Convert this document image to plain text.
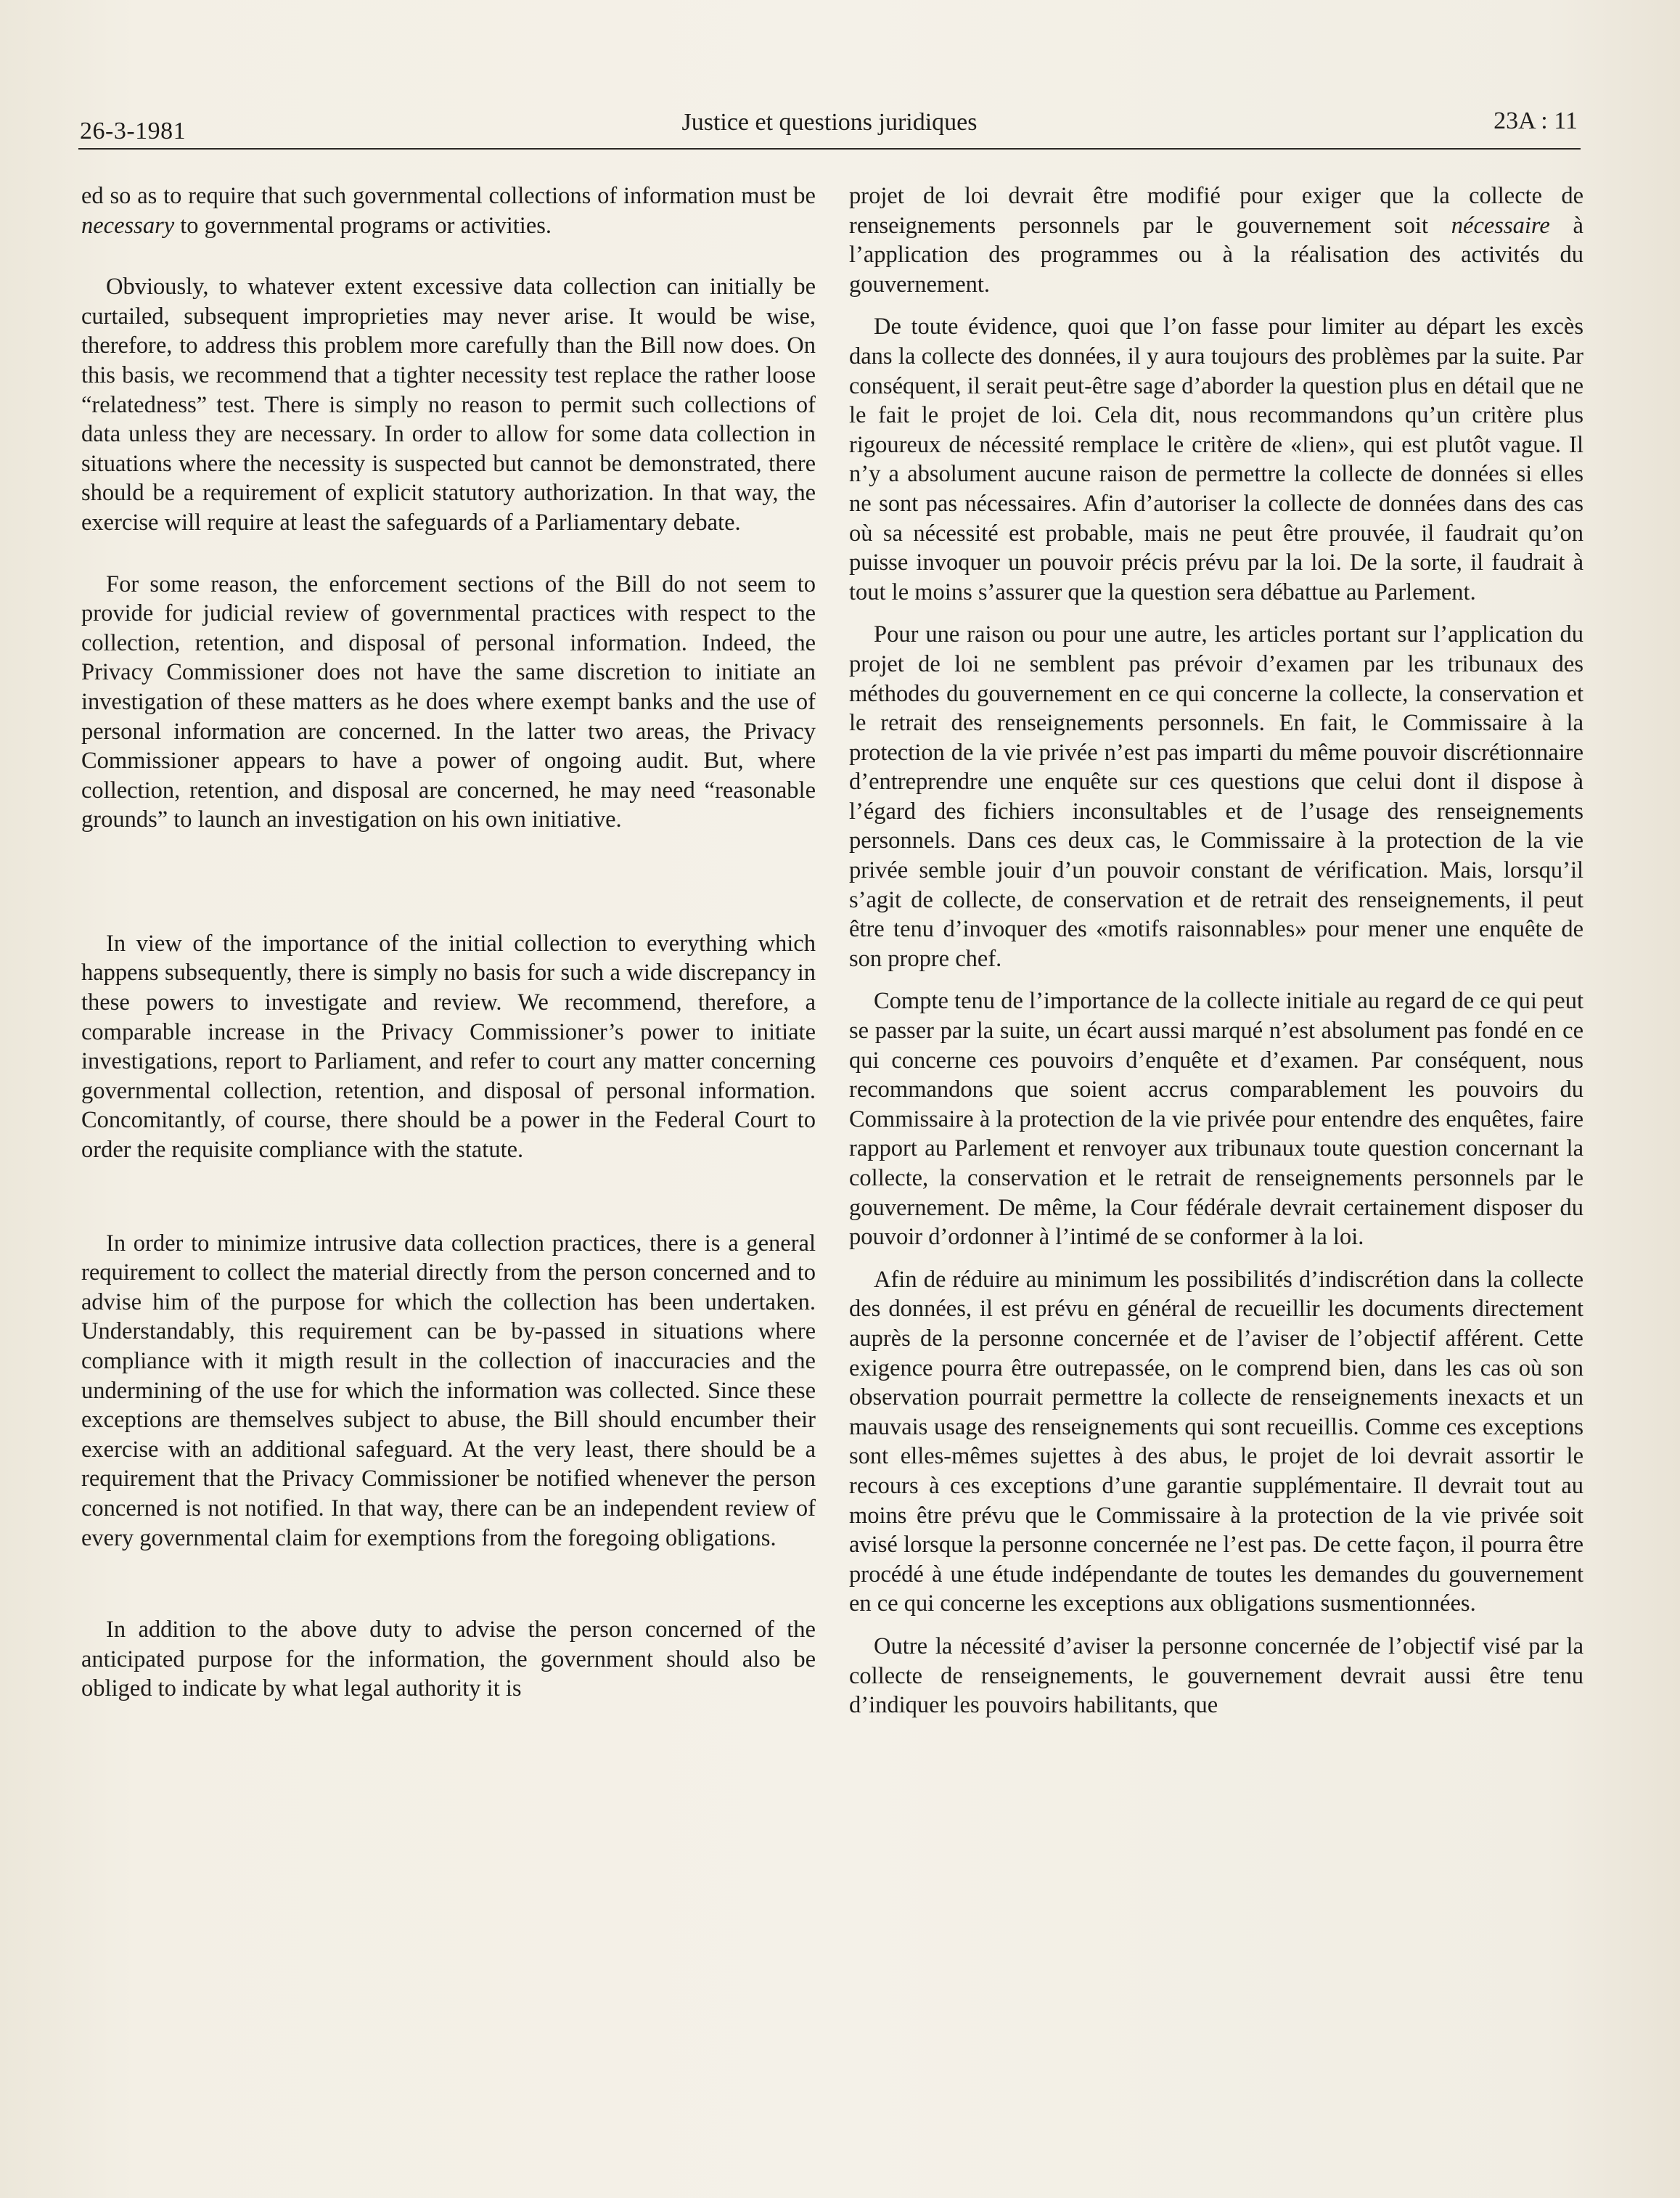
26-3-1981	Justice et questions juridiques	23A : 11

ed so as to require that such governmental collections of information must be necessary to governmental programs or activities.

Obviously, to whatever extent excessive data collection can initially be curtailed, subsequent improprieties may never arise. It would be wise, therefore, to address this problem more carefully than the Bill now does. On this basis, we recommend that a tighter necessity test replace the rather loose “relatedness” test. There is simply no reason to permit such collections of data unless they are necessary. In order to allow for some data collection in situations where the necessity is suspected but cannot be demonstrated, there should be a requirement of explicit statutory authorization. In that way, the exercise will require at least the safeguards of a Parliamentary debate.

For some reason, the enforcement sections of the Bill do not seem to provide for judicial review of governmental practices with respect to the collection, retention, and disposal of personal information. Indeed, the Privacy Commissioner does not have the same discretion to initiate an investigation of these matters as he does where exempt banks and the use of personal information are concerned. In the latter two areas, the Privacy Commissioner appears to have a power of ongoing audit. But, where collection, retention, and disposal are concerned, he may need “reasonable grounds” to launch an investigation on his own initiative.

In view of the importance of the initial collection to everything which happens subsequently, there is simply no basis for such a wide discrepancy in these powers to investigate and review. We recommend, therefore, a comparable increase in the Privacy Commissioner’s power to initiate investigations, report to Parliament, and refer to court any matter concerning governmental collection, retention, and disposal of personal information. Concomitantly, of course, there should be a power in the Federal Court to order the requisite compliance with the statute.

In order to minimize intrusive data collection practices, there is a general requirement to collect the material directly from the person concerned and to advise him of the purpose for which the collection has been undertaken. Understandably, this requirement can be by-passed in situations where compliance with it migth result in the collection of inaccuracies and the undermining of the use for which the information was collected. Since these exceptions are themselves subject to abuse, the Bill should encumber their exercise with an additional safeguard. At the very least, there should be a requirement that the Privacy Commissioner be notified whenever the person concerned is not notified. In that way, there can be an independent review of every governmental claim for exemptions from the foregoing obligations.

In addition to the above duty to advise the person concerned of the anticipated purpose for the information, the government should also be obliged to indicate by what legal authority it is

projet de loi devrait être modifié pour exiger que la collecte de renseignements personnels par le gouvernement soit nécessaire à l’application des programmes ou à la réalisation des activités du gouvernement.

De toute évidence, quoi que l’on fasse pour limiter au départ les excès dans la collecte des données, il y aura toujours des problèmes par la suite. Par conséquent, il serait peut-être sage d’aborder la question plus en détail que ne le fait le projet de loi. Cela dit, nous recommandons qu’un critère plus rigoureux de nécessité remplace le critère de «lien», qui est plutôt vague. Il n’y a absolument aucune raison de permettre la collecte de données si elles ne sont pas nécessaires. Afin d’autoriser la collecte de données dans des cas où sa nécessité est probable, mais ne peut être prouvée, il faudrait qu’on puisse invoquer un pouvoir précis prévu par la loi. De la sorte, il faudrait à tout le moins s’assurer que la question sera débattue au Parlement.

Pour une raison ou pour une autre, les articles portant sur l’application du projet de loi ne semblent pas prévoir d’examen par les tribunaux des méthodes du gouvernement en ce qui concerne la collecte, la conservation et le retrait des renseignements personnels. En fait, le Commissaire à la protection de la vie privée n’est pas imparti du même pouvoir discrétionnaire d’entreprendre une enquête sur ces questions que celui dont il dispose à l’égard des fichiers inconsultables et de l’usage des renseignements personnels. Dans ces deux cas, le Commissaire à la protection de la vie privée semble jouir d’un pouvoir constant de vérification. Mais, lorsqu’il s’agit de collecte, de conservation et de retrait des renseignements, il peut être tenu d’invoquer des «motifs raisonnables» pour mener une enquête de son propre chef.

Compte tenu de l’importance de la collecte initiale au regard de ce qui peut se passer par la suite, un écart aussi marqué n’est absolument pas fondé en ce qui concerne ces pouvoirs d’enquête et d’examen. Par conséquent, nous recommandons que soient accrus comparablement les pouvoirs du Commissaire à la protection de la vie privée pour entendre des enquêtes, faire rapport au Parlement et renvoyer aux tribunaux toute question concernant la collecte, la conservation et le retrait de renseignements personnels par le gouvernement. De même, la Cour fédérale devrait certainement disposer du pouvoir d’ordonner à l’intimé de se conformer à la loi.

Afin de réduire au minimum les possibilités d’indiscrétion dans la collecte des données, il est prévu en général de recueillir les documents directement auprès de la personne concernée et de l’aviser de l’objectif afférent. Cette exigence pourra être outrepassée, on le comprend bien, dans les cas où son observation pourrait permettre la collecte de renseignements inexacts et un mauvais usage des renseignements qui sont recueillis. Comme ces exceptions sont elles-mêmes sujettes à des abus, le projet de loi devrait assortir le recours à ces exceptions d’une garantie supplémentaire. Il devrait tout au moins être prévu que le Commissaire à la protection de la vie privée soit avisé lorsque la personne concernée ne l’est pas. De cette façon, il pourra être procédé à une étude indépendante de toutes les demandes du gouvernement en ce qui concerne les exceptions aux obligations susmentionnées.

Outre la nécessité d’aviser la personne concernée de l’objectif visé par la collecte de renseignements, le gouvernement devrait aussi être tenu d’indiquer les pouvoirs habilitants, que
